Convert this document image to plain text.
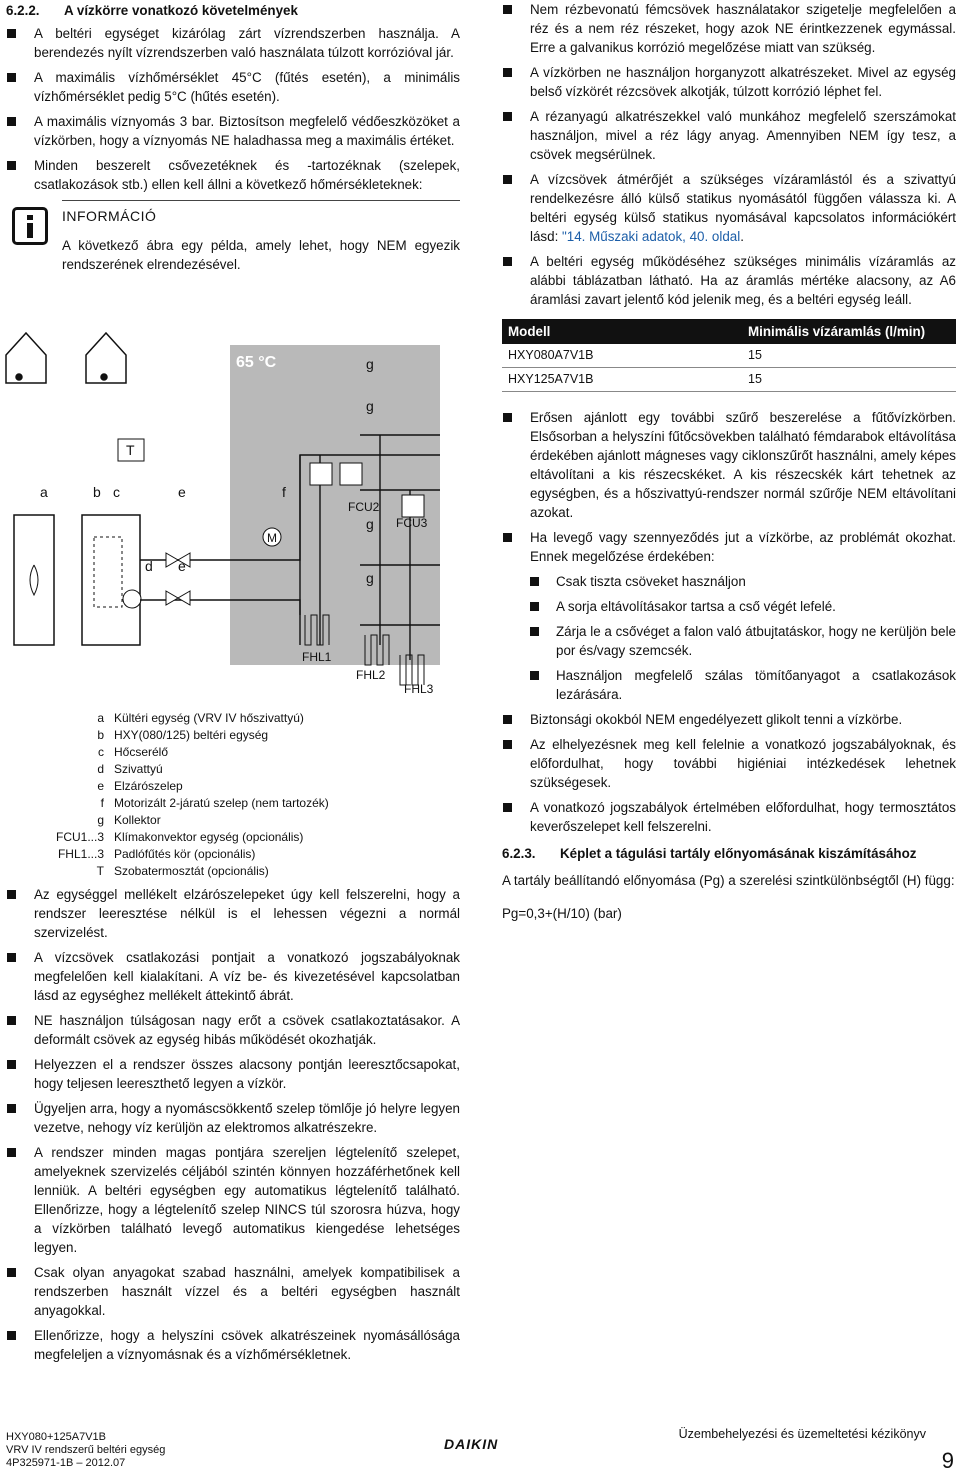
6.2.2. A vízkörre vonatkozó követelmények

A beltéri egységet kizárólag zárt vízrendszerben használja. A berendezés nyílt vízrendszerben való használata túlzott korrózióval jár.

A maximális vízhőmérséklet 45°C (fűtés esetén), a minimális vízhőmérséklet pedig 5°C (hűtés esetén).

A maximális víznyomás 3 bar. Biztosítson megfelelő védőeszközöket a vízkörben, hogy a víznyomás NE haladhassa meg a maximális értéket.

Minden beszerelt csővezetéknek és -tartozéknak (szelepek, csatlakozások stb.) ellen kell állni a következő hőmérsékleteknek:

INFORMÁCIÓ
A következő ábra egy példa, amely lehet, hogy NEM egyezik rendszerének elrendezésével.
65 °C
T
M
a	b c
d
e
e
f
g
g
g
g
FCU2
FCU3
FHL1
FHL2
FHL3
a Kültéri egység (VRV IV hőszivattyú)
b HXY(080/125) beltéri egység
c Hőcserélő
d Szivattyú
e Elzárószelep
f Motorizált 2-járatú szelep (nem tartozék)
g Kollektor
FCU1...3 Klímakonvektor egység (opcionális)
FHL1...3 Padlófűtés kör (opcionális)
T Szobatermosztát (opcionális)

Az egységgel mellékelt elzárószelepeket úgy kell felszerelni, hogy a rendszer leeresztése nélkül is el lehessen végezni a normál szervizelést.

A vízcsövek csatlakozási pontjait a vonatkozó jogszabályoknak megfelelően kell kialakítani. A víz be- és kivezetésével kapcsolatban lásd az egységhez mellékelt áttekintő ábrát.

NE használjon túlságosan nagy erőt a csövek csatlakoztatásakor. A deformált csövek az egység hibás működését okozhatják.

Helyezzen el a rendszer összes alacsony pontján leeresztőcsapokat, hogy teljesen leereszthető legyen a vízkör.

Ügyeljen arra, hogy a nyomáscsökkentő szelep tömlője jó helyre legyen vezetve, nehogy víz kerüljön az elektromos alkatrészekre.

A rendszer minden magas pontjára szereljen légtelenítő szelepet, amelyeknek szervizelés céljából szintén könnyen hozzáférhetőnek kell lenniük. A beltéri egységben egy automatikus légtelenítő található. Ellenőrizze, hogy a légtelenítő szelep NINCS túl szorosra húzva, hogy a vízkörben található levegő automatikus kiengedése lehetséges legyen.

Csak olyan anyagokat szabad használni, amelyek kompatibilisek a rendszerben használt vízzel és a beltéri egységben használt anyagokkal.

Ellenőrizze, hogy a helyszíni csövek alkatrészeinek nyomásállósága megfeleljen a víznyomásnak és a vízhőmérsékletnek.

Nem rézbevonatú fémcsövek használatakor szigetelje megfelelően a réz és a nem réz részeket, hogy azok NE érintkezzenek egymással. Erre a galvanikus korrózió megelőzése miatt van szükség.

A vízkörben ne használjon horganyzott alkatrészeket. Mivel az egység belső vízkörét rézcsövek alkotják, túlzott korrózió léphet fel.

A rézanyagú alkatrészekkel való munkához megfelelő szerszámokat használjon, mivel a réz lágy anyag. Amennyiben NEM így tesz, a csövek megsérülnek.

A vízcsövek átmérőjét a szükséges vízáramlástól és a szivattyú rendelkezésre álló külső statikus nyomásától függően válassza ki. A beltéri egység külső statikus nyomásával kapcsolatos információkért lásd: "14. Műszaki adatok, 40. oldal.

A beltéri egység működéséhez szükséges minimális vízáramlás az alábbi táblázatban látható. Ha az áramlás mértéke alacsony, az A6 áramlási zavart jelentő kód jelenik meg, és a beltéri egység leáll.

Modell	Minimális vízáramlás (l/min)
HXY080A7V1B	15
HXY125A7V1B	15

Erősen ajánlott egy további szűrő beszerelése a fűtővízkörben. Elsősorban a helyszíni fűtőcsövekben található fémdarabok eltávolítása érdekében ajánlott mágneses vagy ciklonszűrőt használni, amely képes eltávolítani a kis részecskéket. A kis részecskék kárt tehetnek az egységben, és a hőszivattyú-rendszer normál szűrője NEM eltávolítani azokat.

Ha levegő vagy szennyeződés jut a vízkörbe, az problémát okozhat. Ennek megelőzése érdekében:

Csak tiszta csöveket használjon
A sorja eltávolításakor tartsa a cső végét lefelé.
Zárja le a csővéget a falon való átbujtatáskor, hogy ne kerüljön bele por és/vagy szemcsék.
Használjon megfelelő szálas tömítőanyagot a csatlakozások lezárására.

Biztonsági okokból NEM engedélyezett glikolt tenni a vízkörbe.

Az elhelyezésnek meg kell felelnie a vonatkozó jogszabályoknak, és előfordulhat, hogy további higiéniai intézkedések lehetnek szükségesek.

A vonatkozó jogszabályok értelmében előfordulhat, hogy termosztátos keverőszelepet kell felszerelni.

6.2.3. Képlet a tágulási tartály előnyomásának kiszámításához

A tartály beállítandó előnyomása (Pg) a szerelési szintkülönbségtől (H) függ:

Pg=0,3+(H/10) (bar)

HXY080+125A7V1B
VRV IV rendszerű beltéri egység
4P325971-1B – 2012.07
DAIKIN
Üzembehelyezési és üzemeltetési kézikönyv
9
